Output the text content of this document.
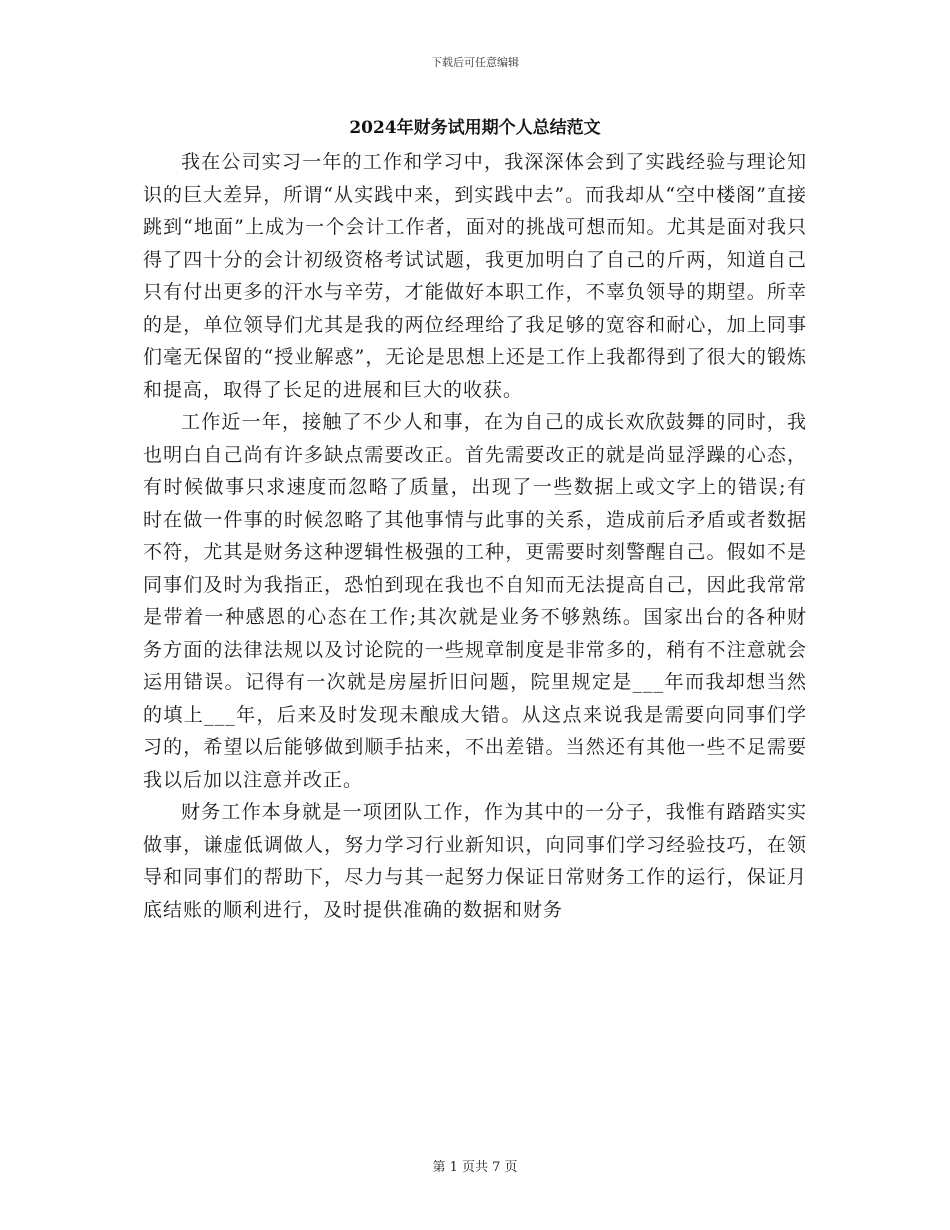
下载后可任意编辑
2024年财务试用期个人总结范文

我在公司实习一年的工作和学习中，我深深体会到了实践经验与理论知识的巨大差异，所谓“从实践中来，到实践中去”。而我却从“空中楼阁”直接跳到“地面”上成为一个会计工作者，面对的挑战可想而知。尤其是面对我只得了四十分的会计初级资格考试试题，我更加明白了自己的斤两，知道自己只有付出更多的汗水与辛劳，才能做好本职工作，不辜负领导的期望。所幸的是，单位领导们尤其是我的两位经理给了我足够的宽容和耐心，加上同事们毫无保留的“授业解惑”，无论是思想上还是工作上我都得到了很大的锻炼和提高，取得了长足的进展和巨大的收获。

工作近一年，接触了不少人和事，在为自己的成长欢欣鼓舞的同时，我也明白自己尚有许多缺点需要改正。首先需要改正的就是尚显浮躁的心态，有时候做事只求速度而忽略了质量，出现了一些数据上或文字上的错误;有时在做一件事的时候忽略了其他事情与此事的关系，造成前后矛盾或者数据不符，尤其是财务这种逻辑性极强的工种，更需要时刻警醒自己。假如不是同事们及时为我指正，恐怕到现在我也不自知而无法提高自己，因此我常常是带着一种感恩的心态在工作;其次就是业务不够熟练。国家出台的各种财务方面的法律法规以及讨论院的一些规章制度是非常多的，稍有不注意就会运用错误。记得有一次就是房屋折旧问题，院里规定是___年而我却想当然的填上___年，后来及时发现未酿成大错。从这点来说我是需要向同事们学习的，希望以后能够做到顺手拈来，不出差错。当然还有其他一些不足需要我以后加以注意并改正。

财务工作本身就是一项团队工作，作为其中的一分子，我惟有踏踏实实做事，谦虚低调做人，努力学习行业新知识，向同事们学习经验技巧，在领导和同事们的帮助下，尽力与其一起努力保证日常财务工作的运行，保证月底结账的顺利进行，及时提供准确的数据和财务

第 1 页共 7 页
